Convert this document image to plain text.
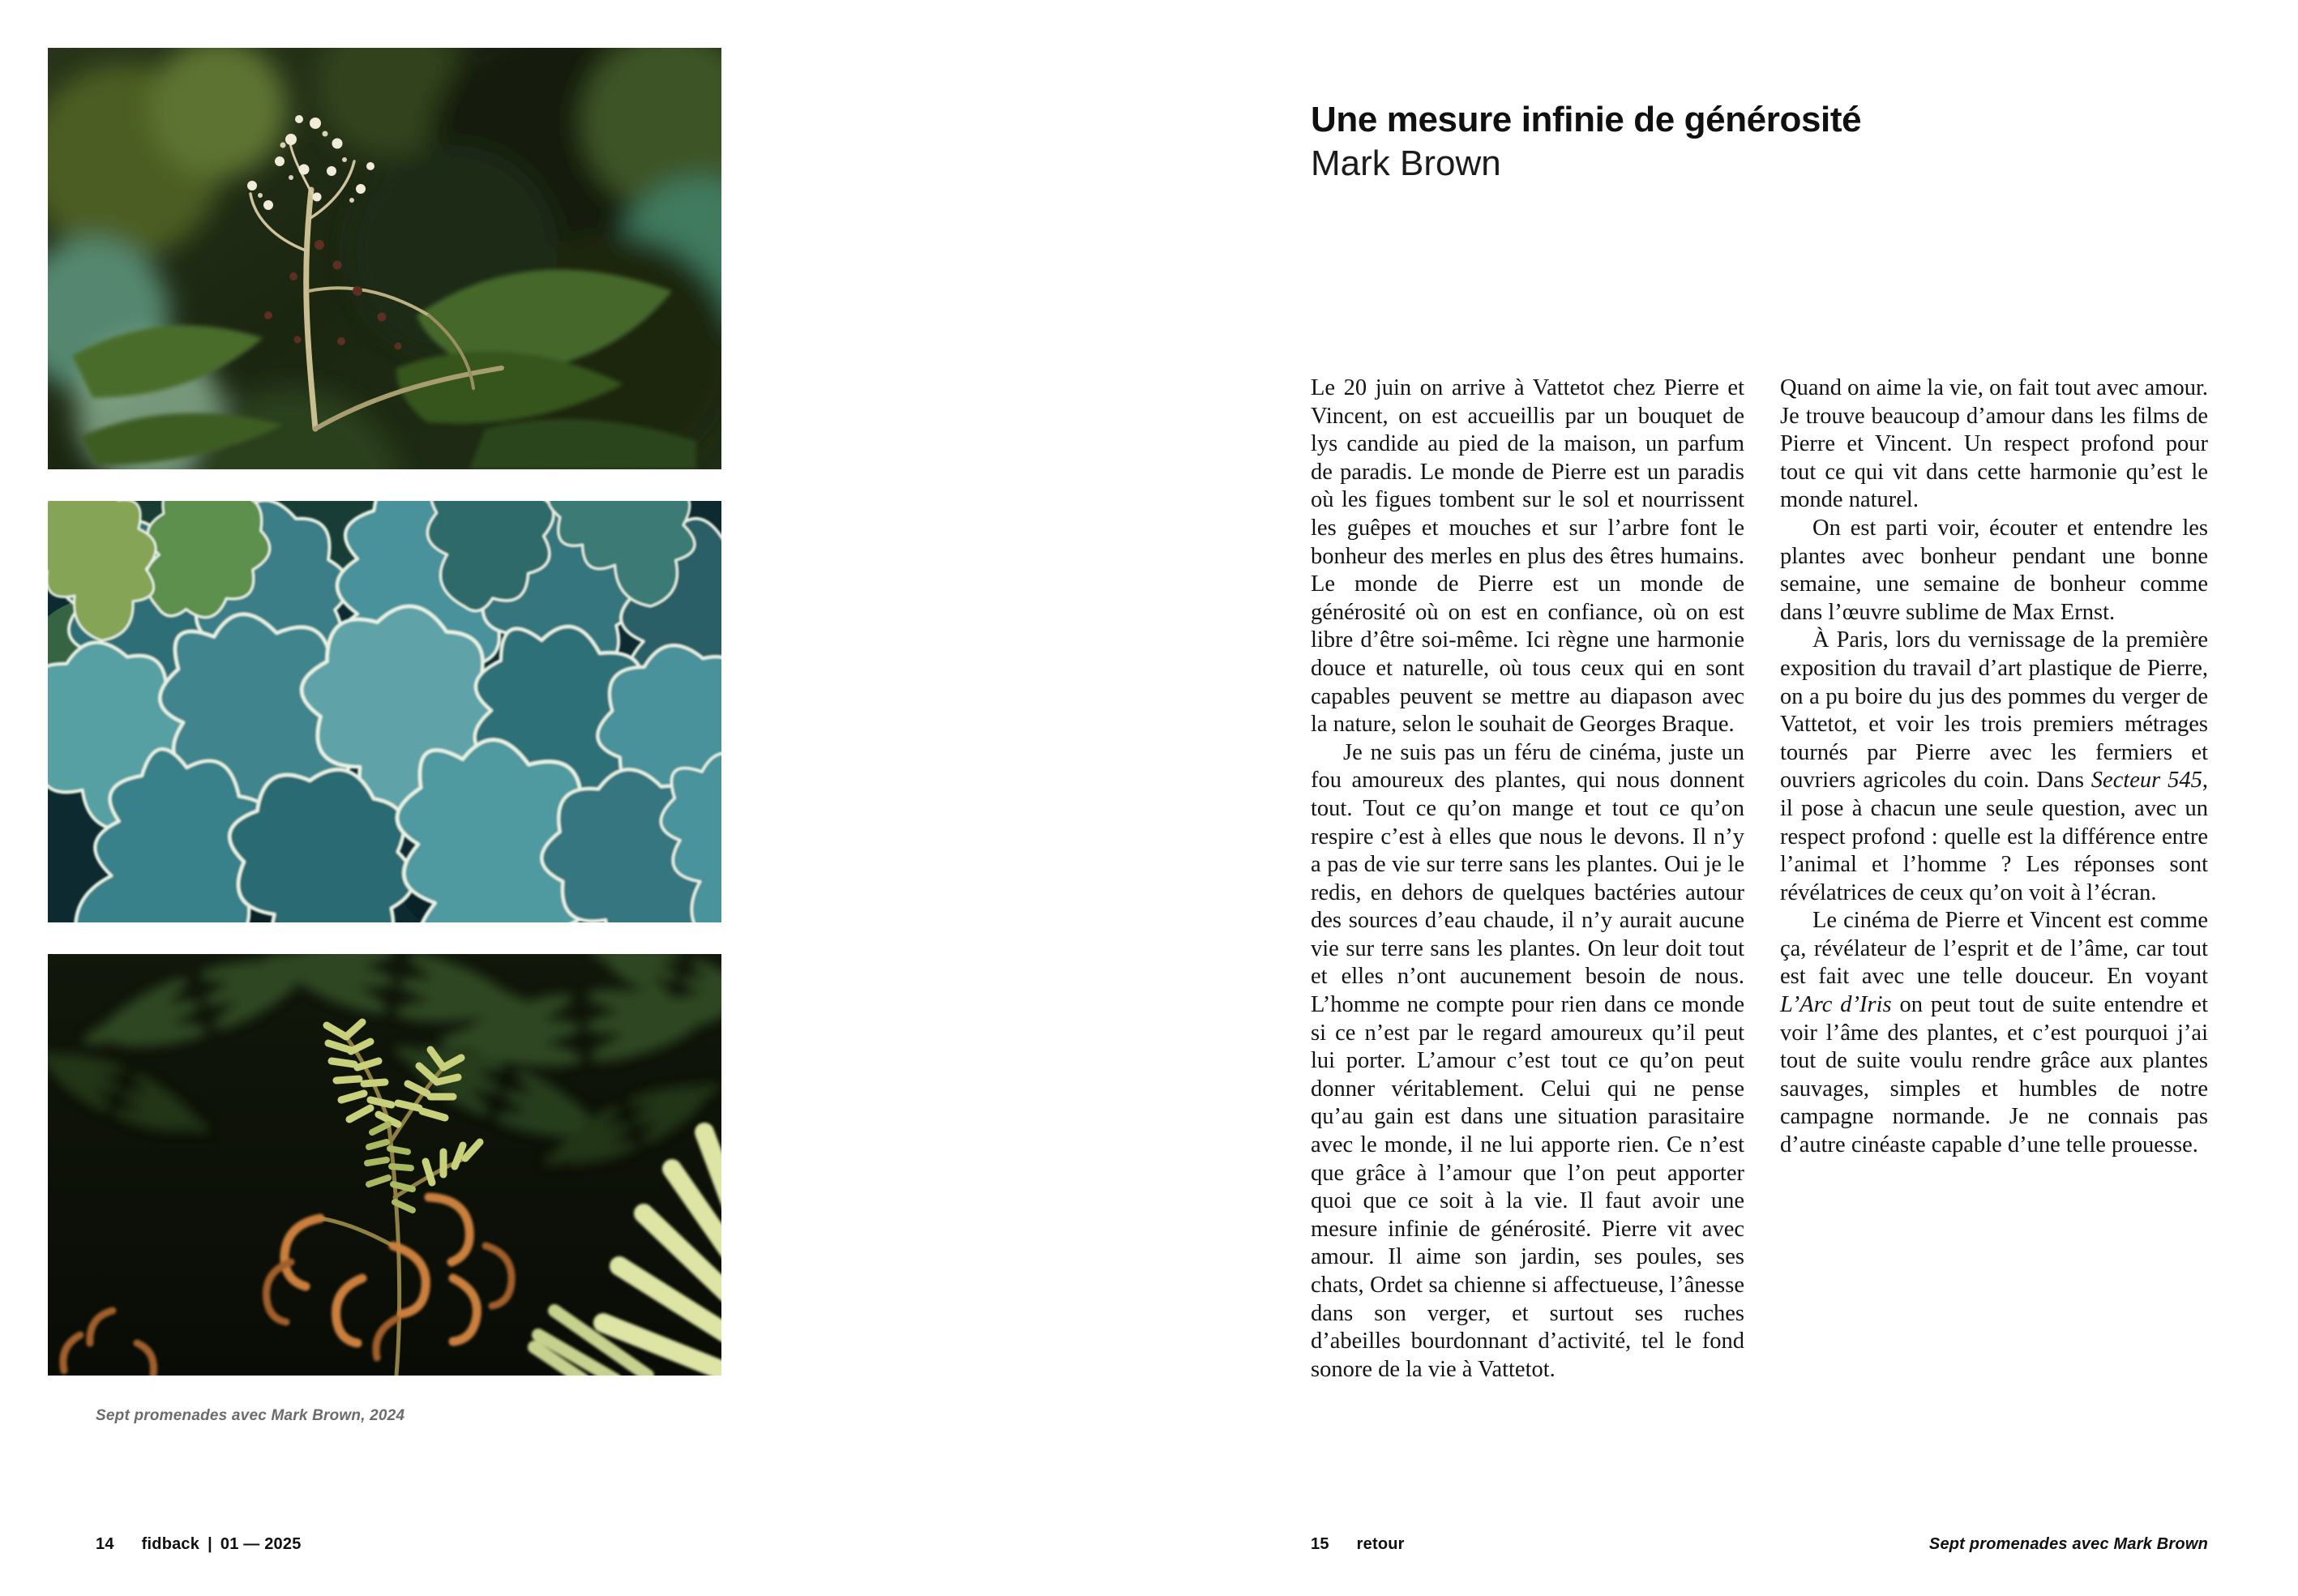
Sept promenades avec Mark Brown, 2024
Une mesure infinie de générosité
Mark Brown

Le 20 juin on arrive à Vattetot chez Pierre et Vincent, on est accueillis par un bouquet de lys candide au pied de la maison, un parfum de paradis. Le monde de Pierre est un paradis où les figues tombent sur le sol et nourrissent les guêpes et mouches et sur l’arbre font le bonheur des merles en plus des êtres humains. Le monde de Pierre est un monde de générosité où on est en confiance, où on est libre d’être soi-même. Ici règne une harmonie douce et naturelle, où tous ceux qui en sont capables peuvent se mettre au diapason avec la nature, selon le souhait de Georges Braque.

Je ne suis pas un féru de cinéma, juste un fou amoureux des plantes, qui nous donnent tout. Tout ce qu’on mange et tout ce qu’on respire c’est à elles que nous le devons. Il n’y a pas de vie sur terre sans les plantes. Oui je le redis, en dehors de quelques bactéries autour des sources d’eau chaude, il n’y aurait aucune vie sur terre sans les plantes. On leur doit tout et elles n’ont aucunement besoin de nous. L’homme ne compte pour rien dans ce monde si ce n’est par le regard amoureux qu’il peut lui porter. L’amour c’est tout ce qu’on peut donner véritablement. Celui qui ne pense qu’au gain est dans une situation parasitaire avec le monde, il ne lui apporte rien. Ce n’est que grâce à l’amour que l’on peut apporter quoi que ce soit à la vie. Il faut avoir une mesure infinie de générosité. Pierre vit avec amour. Il aime son jardin, ses poules, ses chats, Ordet sa chienne si affectueuse, l’ânesse dans son verger, et surtout ses ruches d’abeilles bourdonnant d’activité, tel le fond sonore de la vie à Vattetot.

Quand on aime la vie, on fait tout avec amour. Je trouve beaucoup d’amour dans les films de Pierre et Vincent. Un respect profond pour tout ce qui vit dans cette harmonie qu’est le monde naturel.

On est parti voir, écouter et entendre les plantes avec bonheur pendant une bonne semaine, une semaine de bonheur comme dans l’œuvre sublime de Max Ernst.

À Paris, lors du vernissage de la première exposition du travail d’art plastique de Pierre, on a pu boire du jus des pommes du verger de Vattetot, et voir les trois premiers métrages tournés par Pierre avec les fermiers et ouvriers agricoles du coin. Dans Secteur 545, il pose à chacun une seule question, avec un respect profond : quelle est la différence entre l’animal et l’homme ? Les réponses sont révélatrices de ceux qu’on voit à l’écran.

Le cinéma de Pierre et Vincent est comme ça, révélateur de l’esprit et de l’âme, car tout est fait avec une telle douceur. En voyant L’Arc d’Iris on peut tout de suite entendre et voir l’âme des plantes, et c’est pourquoi j’ai tout de suite voulu rendre grâce aux plantes sauvages, simples et humbles de notre campagne normande. Je ne connais pas d’autre cinéaste capable d’une telle prouesse.

14 fidback | 01 — 2025	15 retour	Sept promenades avec Mark Brown
